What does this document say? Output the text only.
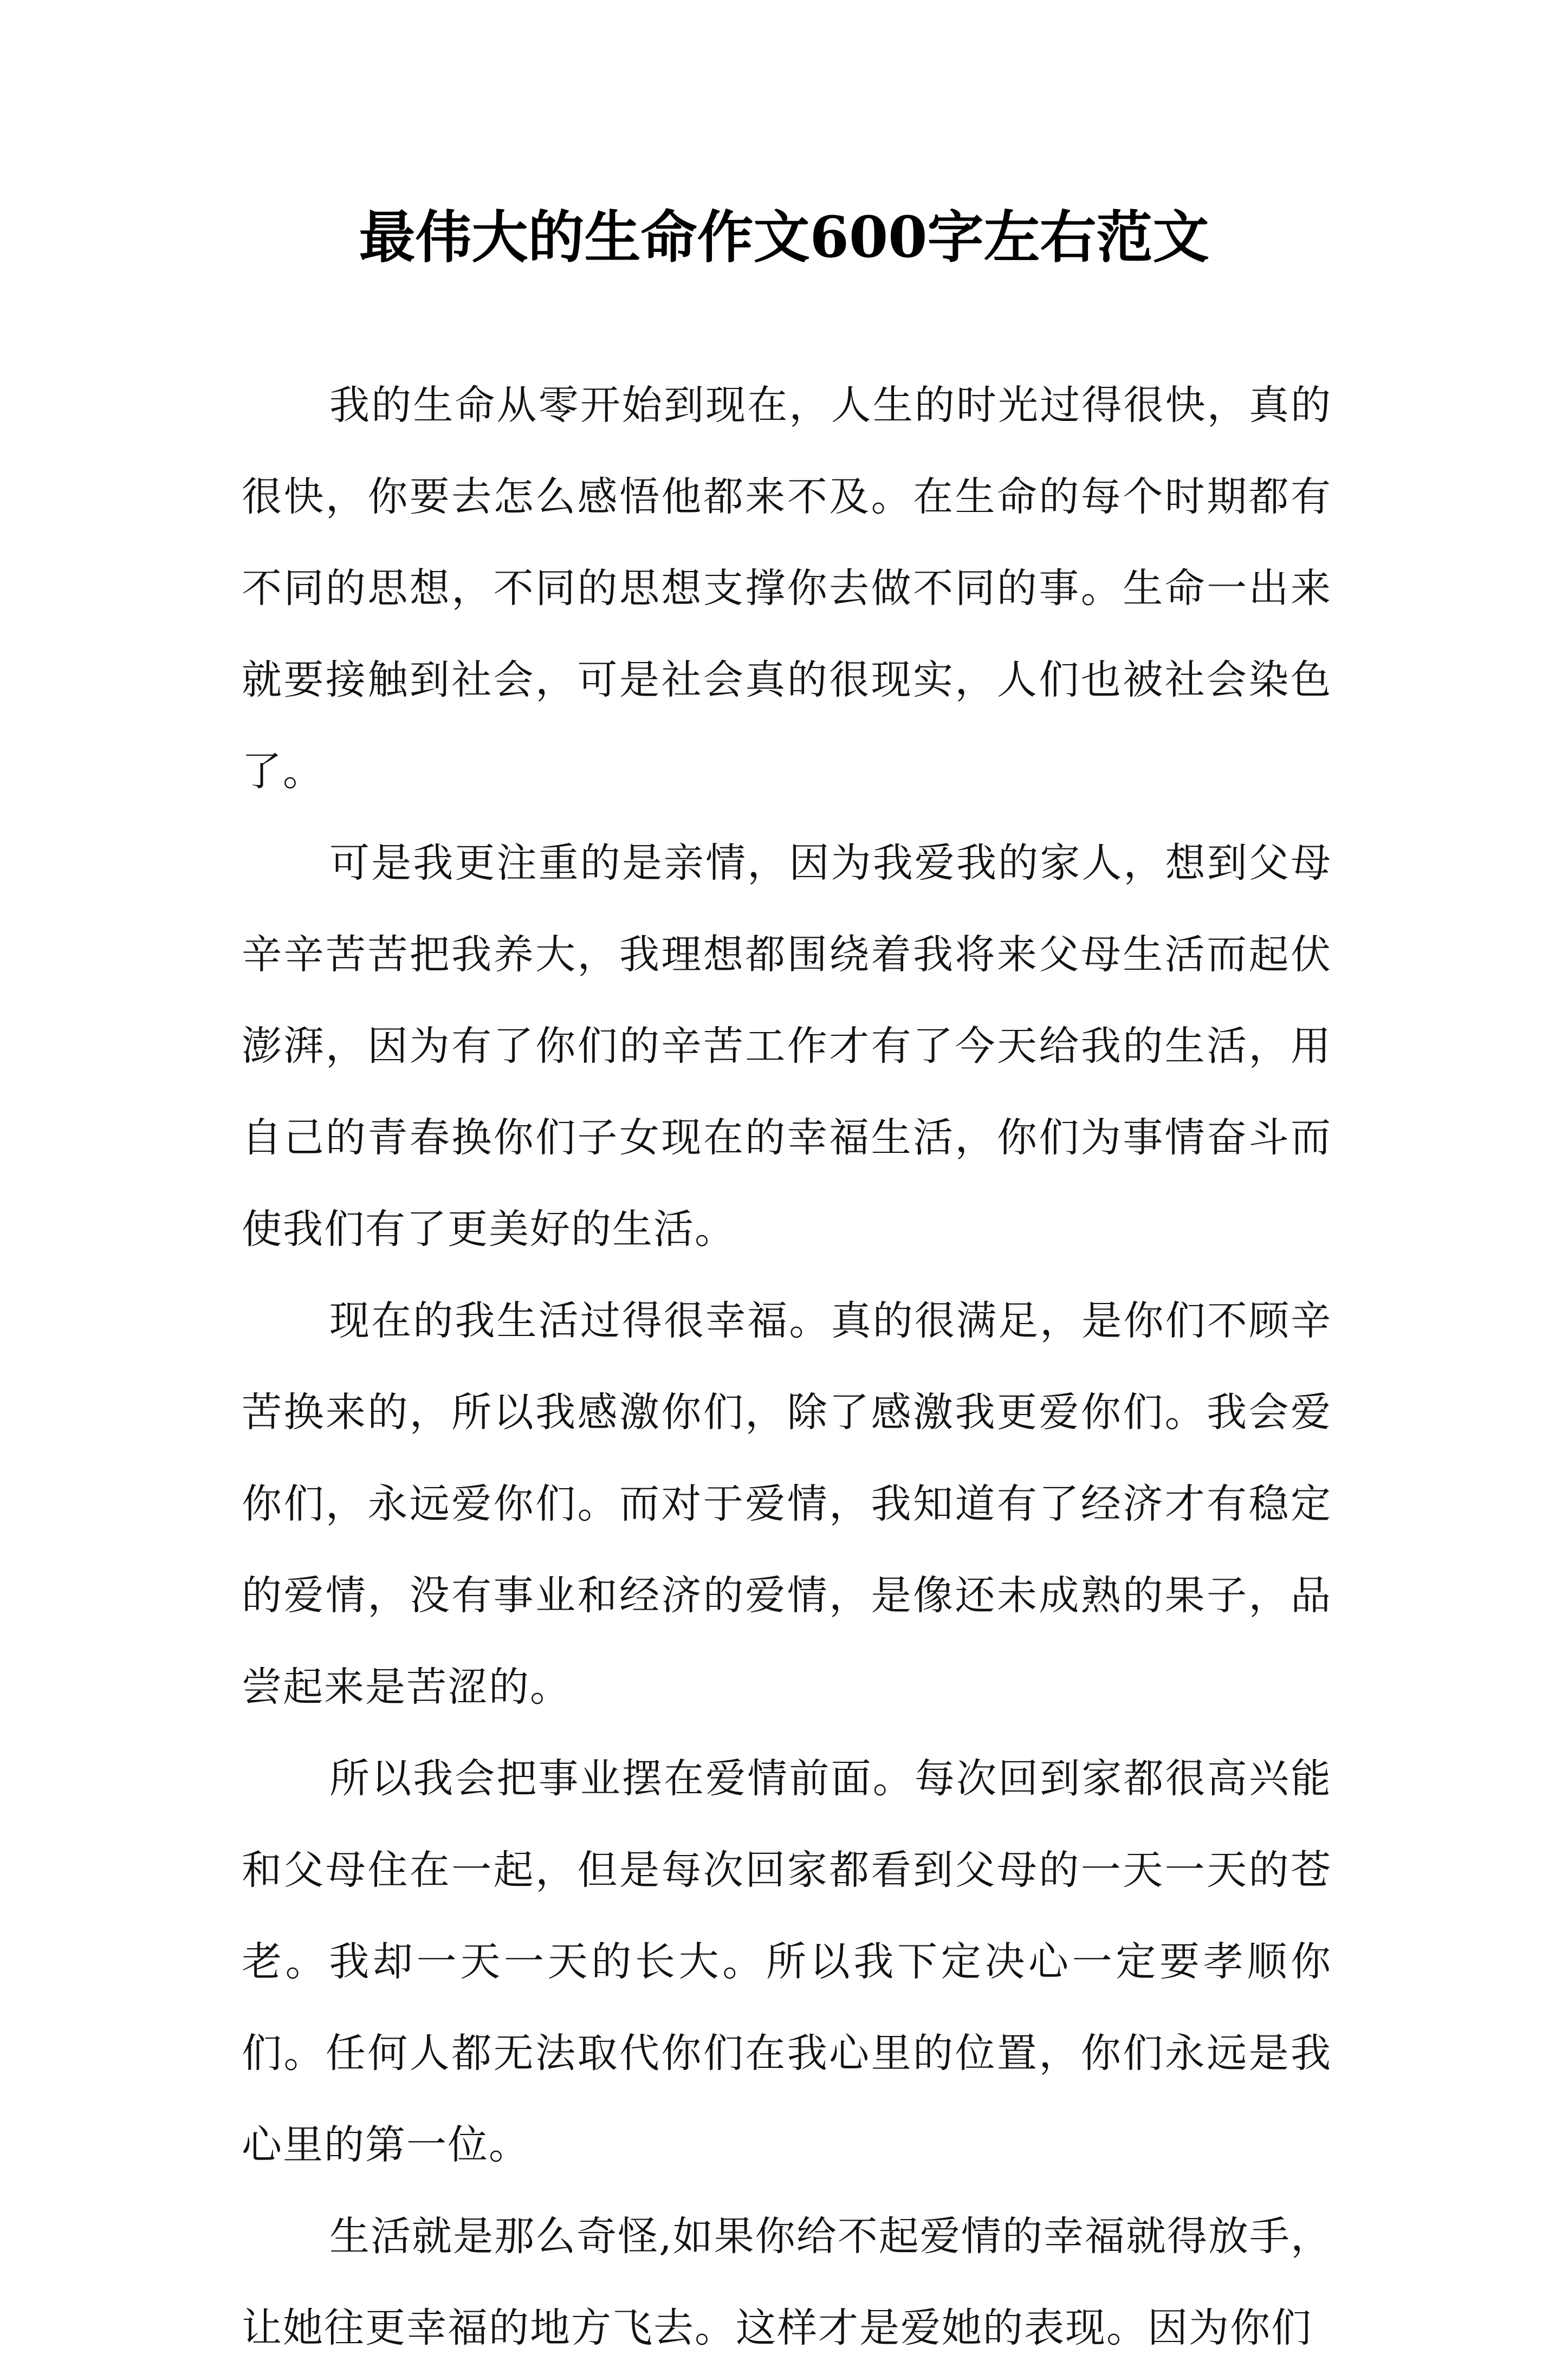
最伟大的生命作文600字左右范文

我的生命从零开始到现在，人生的时光过得很快，真的很快，你要去怎么感悟他都来不及。在生命的每个时期都有不同的思想，不同的思想支撑你去做不同的事。生命一出来就要接触到社会，可是社会真的很现实，人们也被社会染色了。

可是我更注重的是亲情，因为我爱我的家人，想到父母辛辛苦苦把我养大，我理想都围绕着我将来父母生活而起伏澎湃，因为有了你们的辛苦工作才有了今天给我的生活，用自己的青春换你们子女现在的幸福生活，你们为事情奋斗而使我们有了更美好的生活。

现在的我生活过得很幸福。真的很满足，是你们不顾辛苦换来的，所以我感激你们，除了感激我更爱你们。我会爱你们，永远爱你们。而对于爱情，我知道有了经济才有稳定的爱情，没有事业和经济的爱情，是像还未成熟的果子，品尝起来是苦涩的。

所以我会把事业摆在爱情前面。每次回到家都很高兴能和父母住在一起，但是每次回家都看到父母的一天一天的苍老。我却一天一天的长大。所以我下定决心一定要孝顺你们。任何人都无法取代你们在我心里的位置，你们永远是我心里的第一位。

生活就是那么奇怪,如果你给不起爱情的幸福就得放手，让她往更幸福的地方飞去。这样才是爱她的表现。因为你们
